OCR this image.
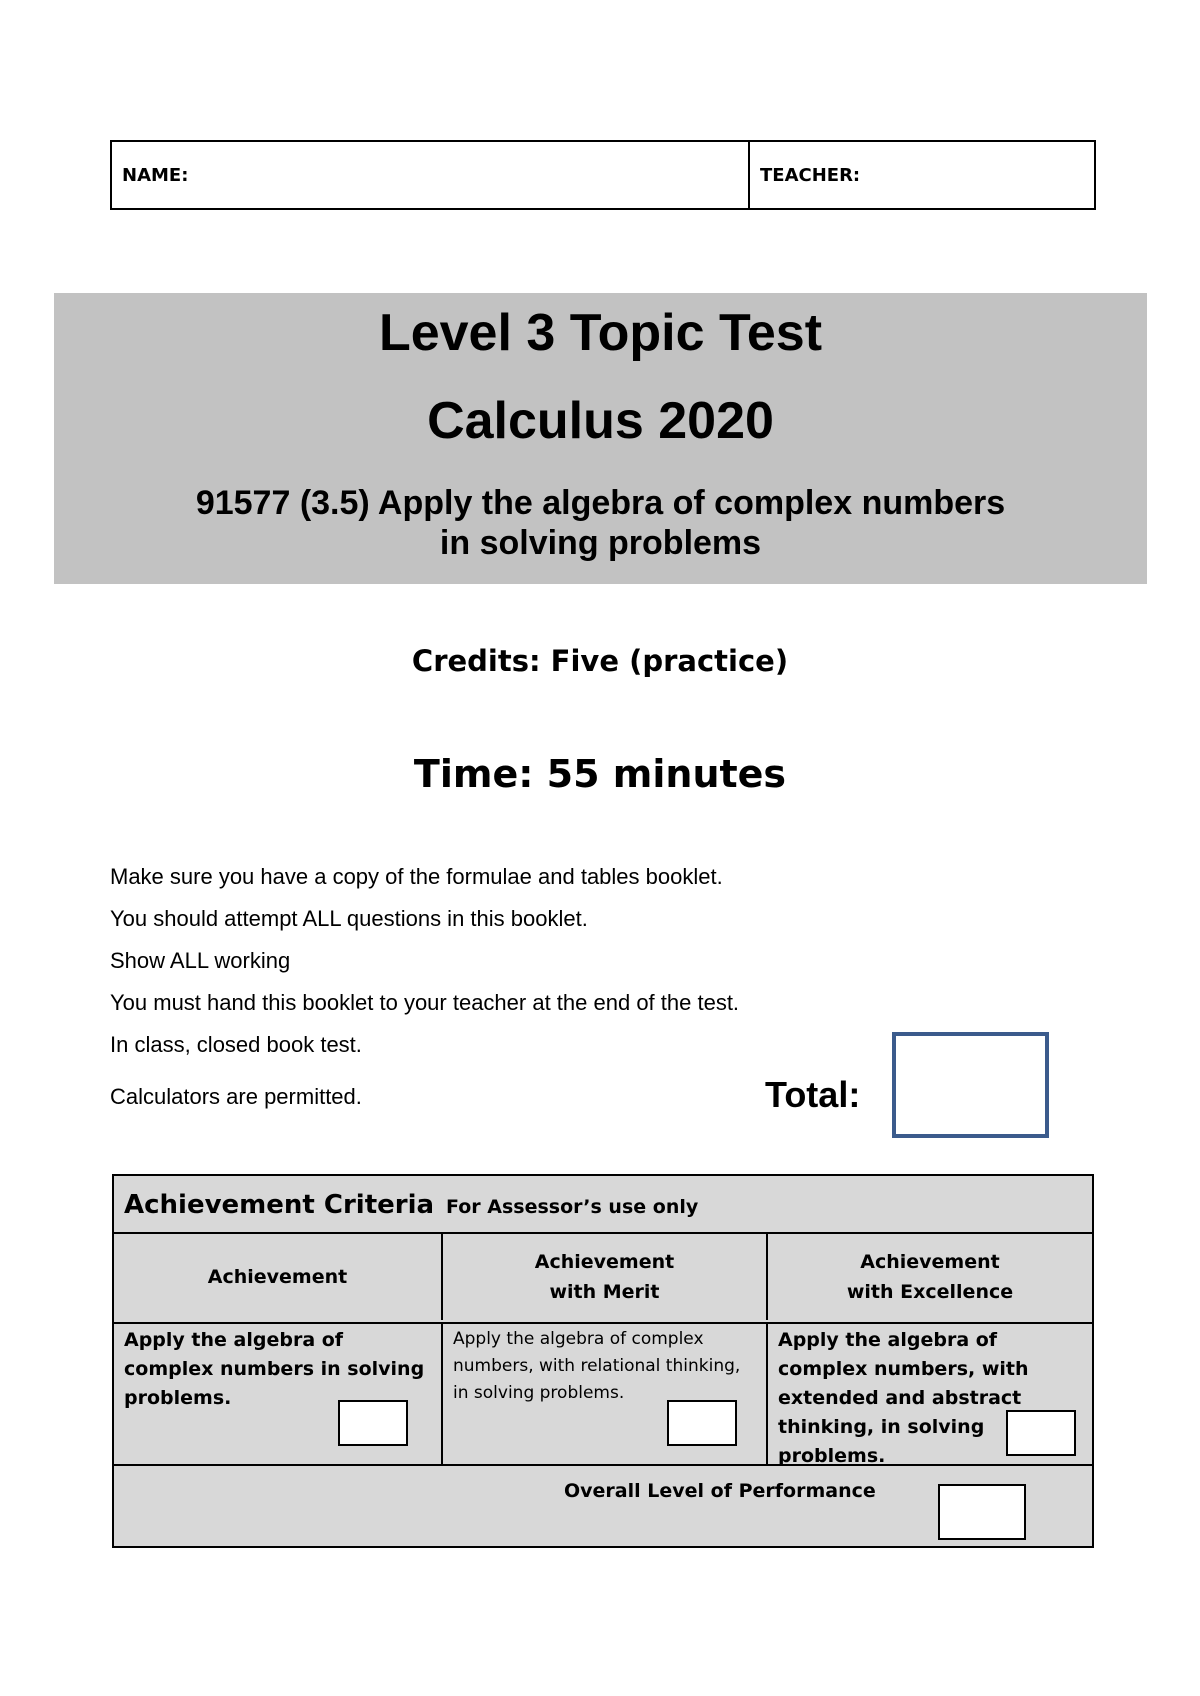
NAME:	TEACHER:
Level 3 Topic Test
Calculus 2020
91577 (3.5) Apply the algebra of complex numbers
in solving problems
Credits: Five (practice)
Time: 55 minutes
Make sure you have a copy of the formulae and tables booklet.
You should attempt ALL questions in this booklet.
Show ALL working
You must hand this booklet to your teacher at the end of the test.
In class, closed book test.
Calculators are permitted.	Total:
Achievement Criteria For Assessor’s use only
Achievement
Achievement
with Merit
Achievement
with Excellence
Apply the algebra of complex numbers in solving problems.
Apply the algebra of complex numbers, with relational thinking, in solving problems.
Apply the algebra of complex numbers, with extended and abstract thinking, in solving problems.
Overall Level of Performance
